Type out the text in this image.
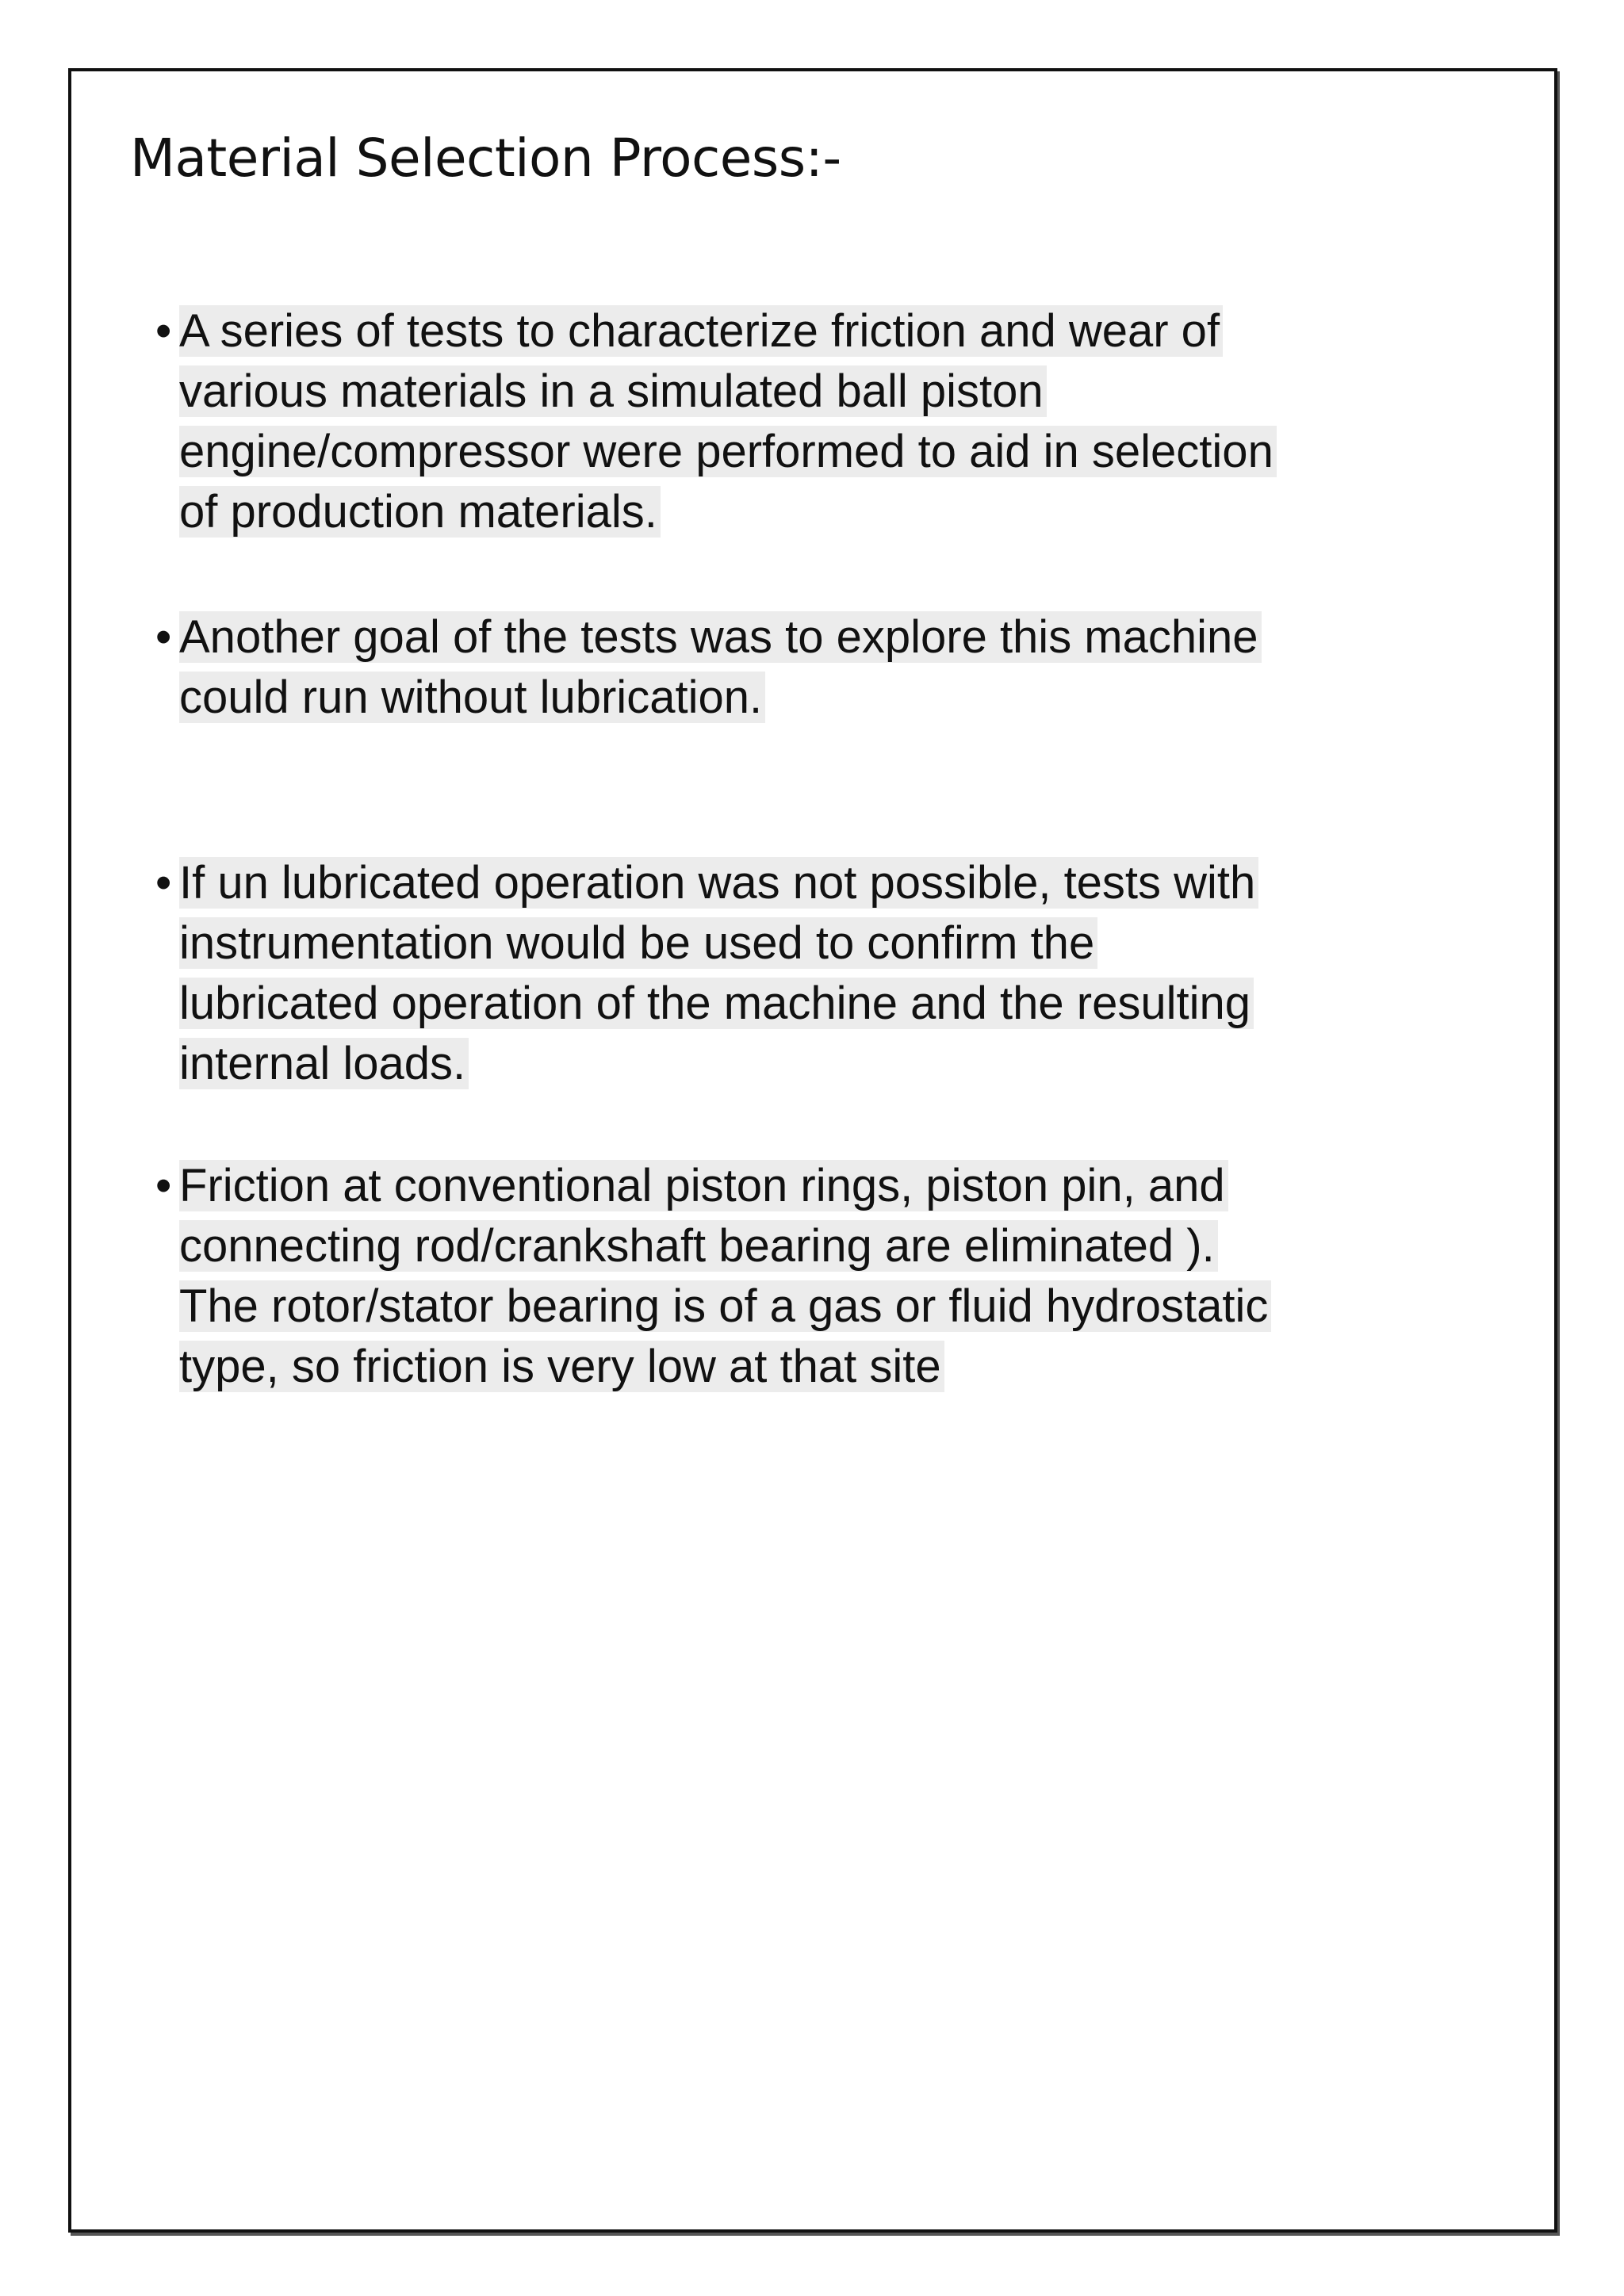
Material Selection Process:-
• A series of tests to characterize friction and wear of
various materials in a simulated ball piston
engine/compressor were performed to aid in selection
of production materials.

• Another goal of the tests was to explore this machine
could run without lubrication.

• If un lubricated operation was not possible, tests with
instrumentation would be used to confirm the
lubricated operation of the machine and the resulting
internal loads.

• Friction at conventional piston rings, piston pin, and
connecting rod/crankshaft bearing are eliminated ).
The rotor/stator bearing is of a gas or fluid hydrostatic
type, so friction is very low at that site
